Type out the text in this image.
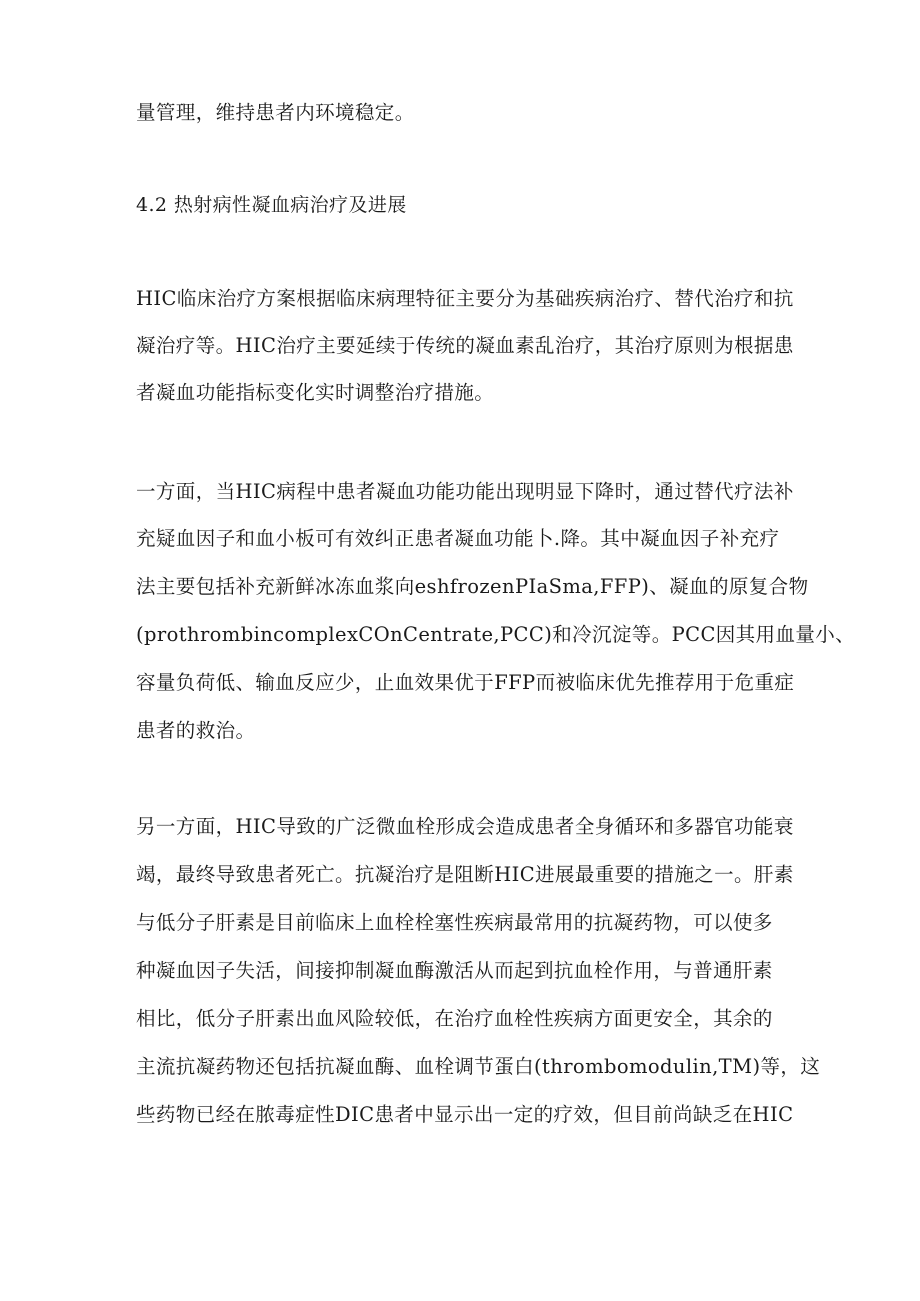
量管理，维持患者内环境稳定。
4.2 热射病性凝血病治疗及进展
HIC临床治疗方案根据临床病理特征主要分为基础疾病治疗、替代治疗和抗
凝治疗等。HIC治疗主要延续于传统的凝血素乱治疗，其治疗原则为根据患
者凝血功能指标变化实时调整治疗措施。
一方面，当HIC病程中患者凝血功能功能出现明显下降时，通过替代疗法补
充疑血因子和血小板可有效纠正患者凝血功能卜.降。其中凝血因子补充疗
法主要包括补充新鲜冰冻血浆向eshfrozenPIaSma,FFP)、凝血的原复合物
(prothrombincomplexCOnCentrate,PCC)和冷沉淀等。PCC因其用血量小、
容量负荷低、输血反应少，止血效果优于FFP而被临床优先推荐用于危重症
患者的救治。
另一方面，HIC导致的广泛微血栓形成会造成患者全身循环和多器官功能衰
竭，最终导致患者死亡。抗凝治疗是阻断HIC进展最重要的措施之一。肝素
与低分子肝素是目前临床上血栓栓塞性疾病最常用的抗凝药物，可以使多
种凝血因子失活，间接抑制凝血酶激活从而起到抗血栓作用，与普通肝素
相比，低分子肝素出血风险较低，在治疗血栓性疾病方面更安全，其余的
主流抗凝药物还包括抗凝血酶、血栓调节蛋白(thrombomodulin,TM)等，这
些药物已经在脓毒症性DIC患者中显示出一定的疗效，但目前尚缺乏在HIC
